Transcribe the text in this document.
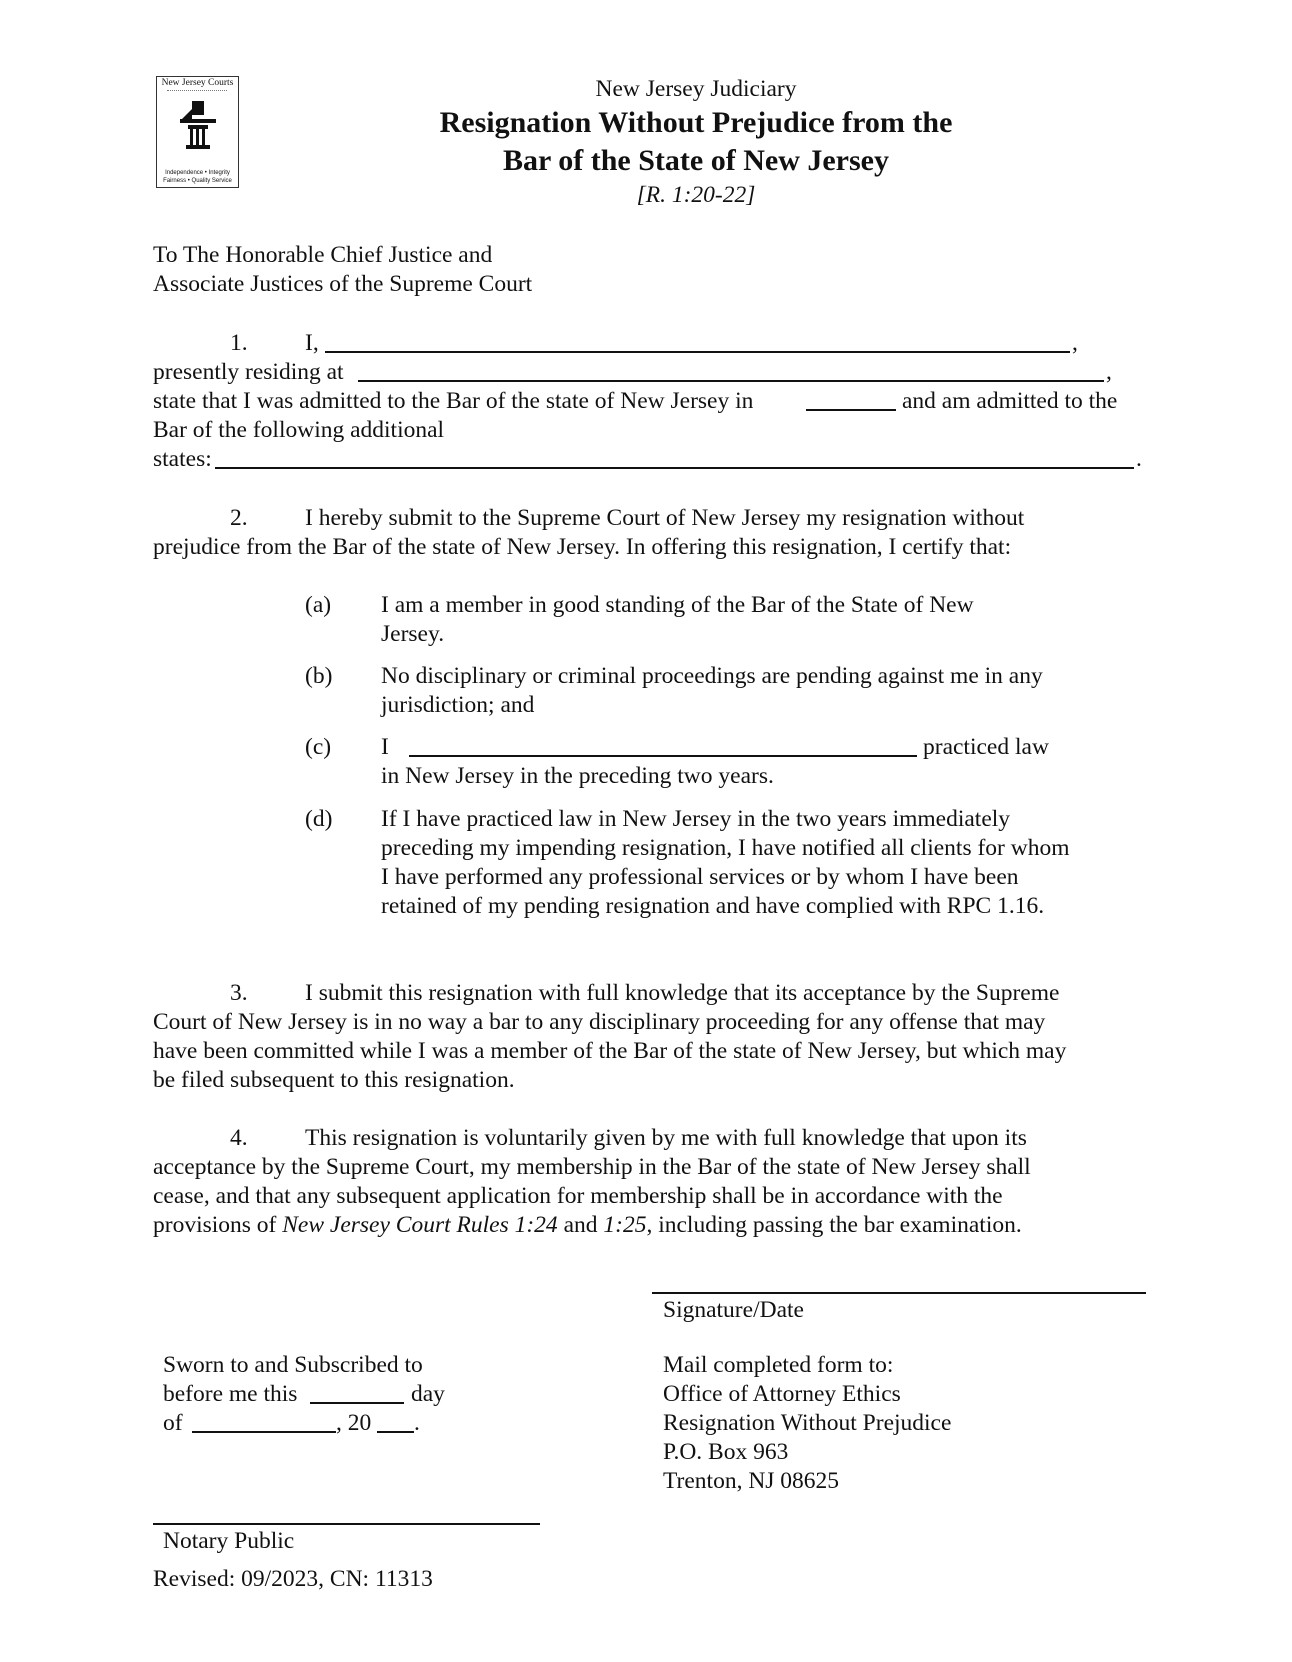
New Jersey Courts
Independence • Integrity
Fairness • Quality Service
New Jersey Judiciary
Resignation Without Prejudice from the
Bar of the State of New Jersey
[R. 1:20-22]
To The Honorable Chief Justice and
Associate Justices of the Supreme Court
1. I,	,
presently residing at	,
state that I was admitted to the Bar of the state of New Jersey in	and am admitted to the
Bar of the following additional
states:	.
2. I hereby submit to the Supreme Court of New Jersey my resignation without
prejudice from the Bar of the state of New Jersey. In offering this resignation, I certify that:
(a) I am a member in good standing of the Bar of the State of New Jersey.
(b) No disciplinary or criminal proceedings are pending against me in any jurisdiction; and
(c) I	practiced law
in New Jersey in the preceding two years.
(d) If I have practiced law in New Jersey in the two years immediately preceding my impending resignation, I have notified all clients for whom I have performed any professional services or by whom I have been retained of my pending resignation and have complied with RPC 1.16.
3. I submit this resignation with full knowledge that its acceptance by the Supreme
Court of New Jersey is in no way a bar to any disciplinary proceeding for any offense that may
have been committed while I was a member of the Bar of the state of New Jersey, but which may
be filed subsequent to this resignation.
4. This resignation is voluntarily given by me with full knowledge that upon its
acceptance by the Supreme Court, my membership in the Bar of the state of New Jersey shall
cease, and that any subsequent application for membership shall be in accordance with the
provisions of New Jersey Court Rules 1:24 and 1:25, including passing the bar examination.
Signature/Date
Sworn to and Subscribed to
before me this	day
of	, 20 .
Mail completed form to:
Office of Attorney Ethics
Resignation Without Prejudice
P.O. Box 963
Trenton, NJ 08625
Notary Public
Revised: 09/2023, CN: 11313
